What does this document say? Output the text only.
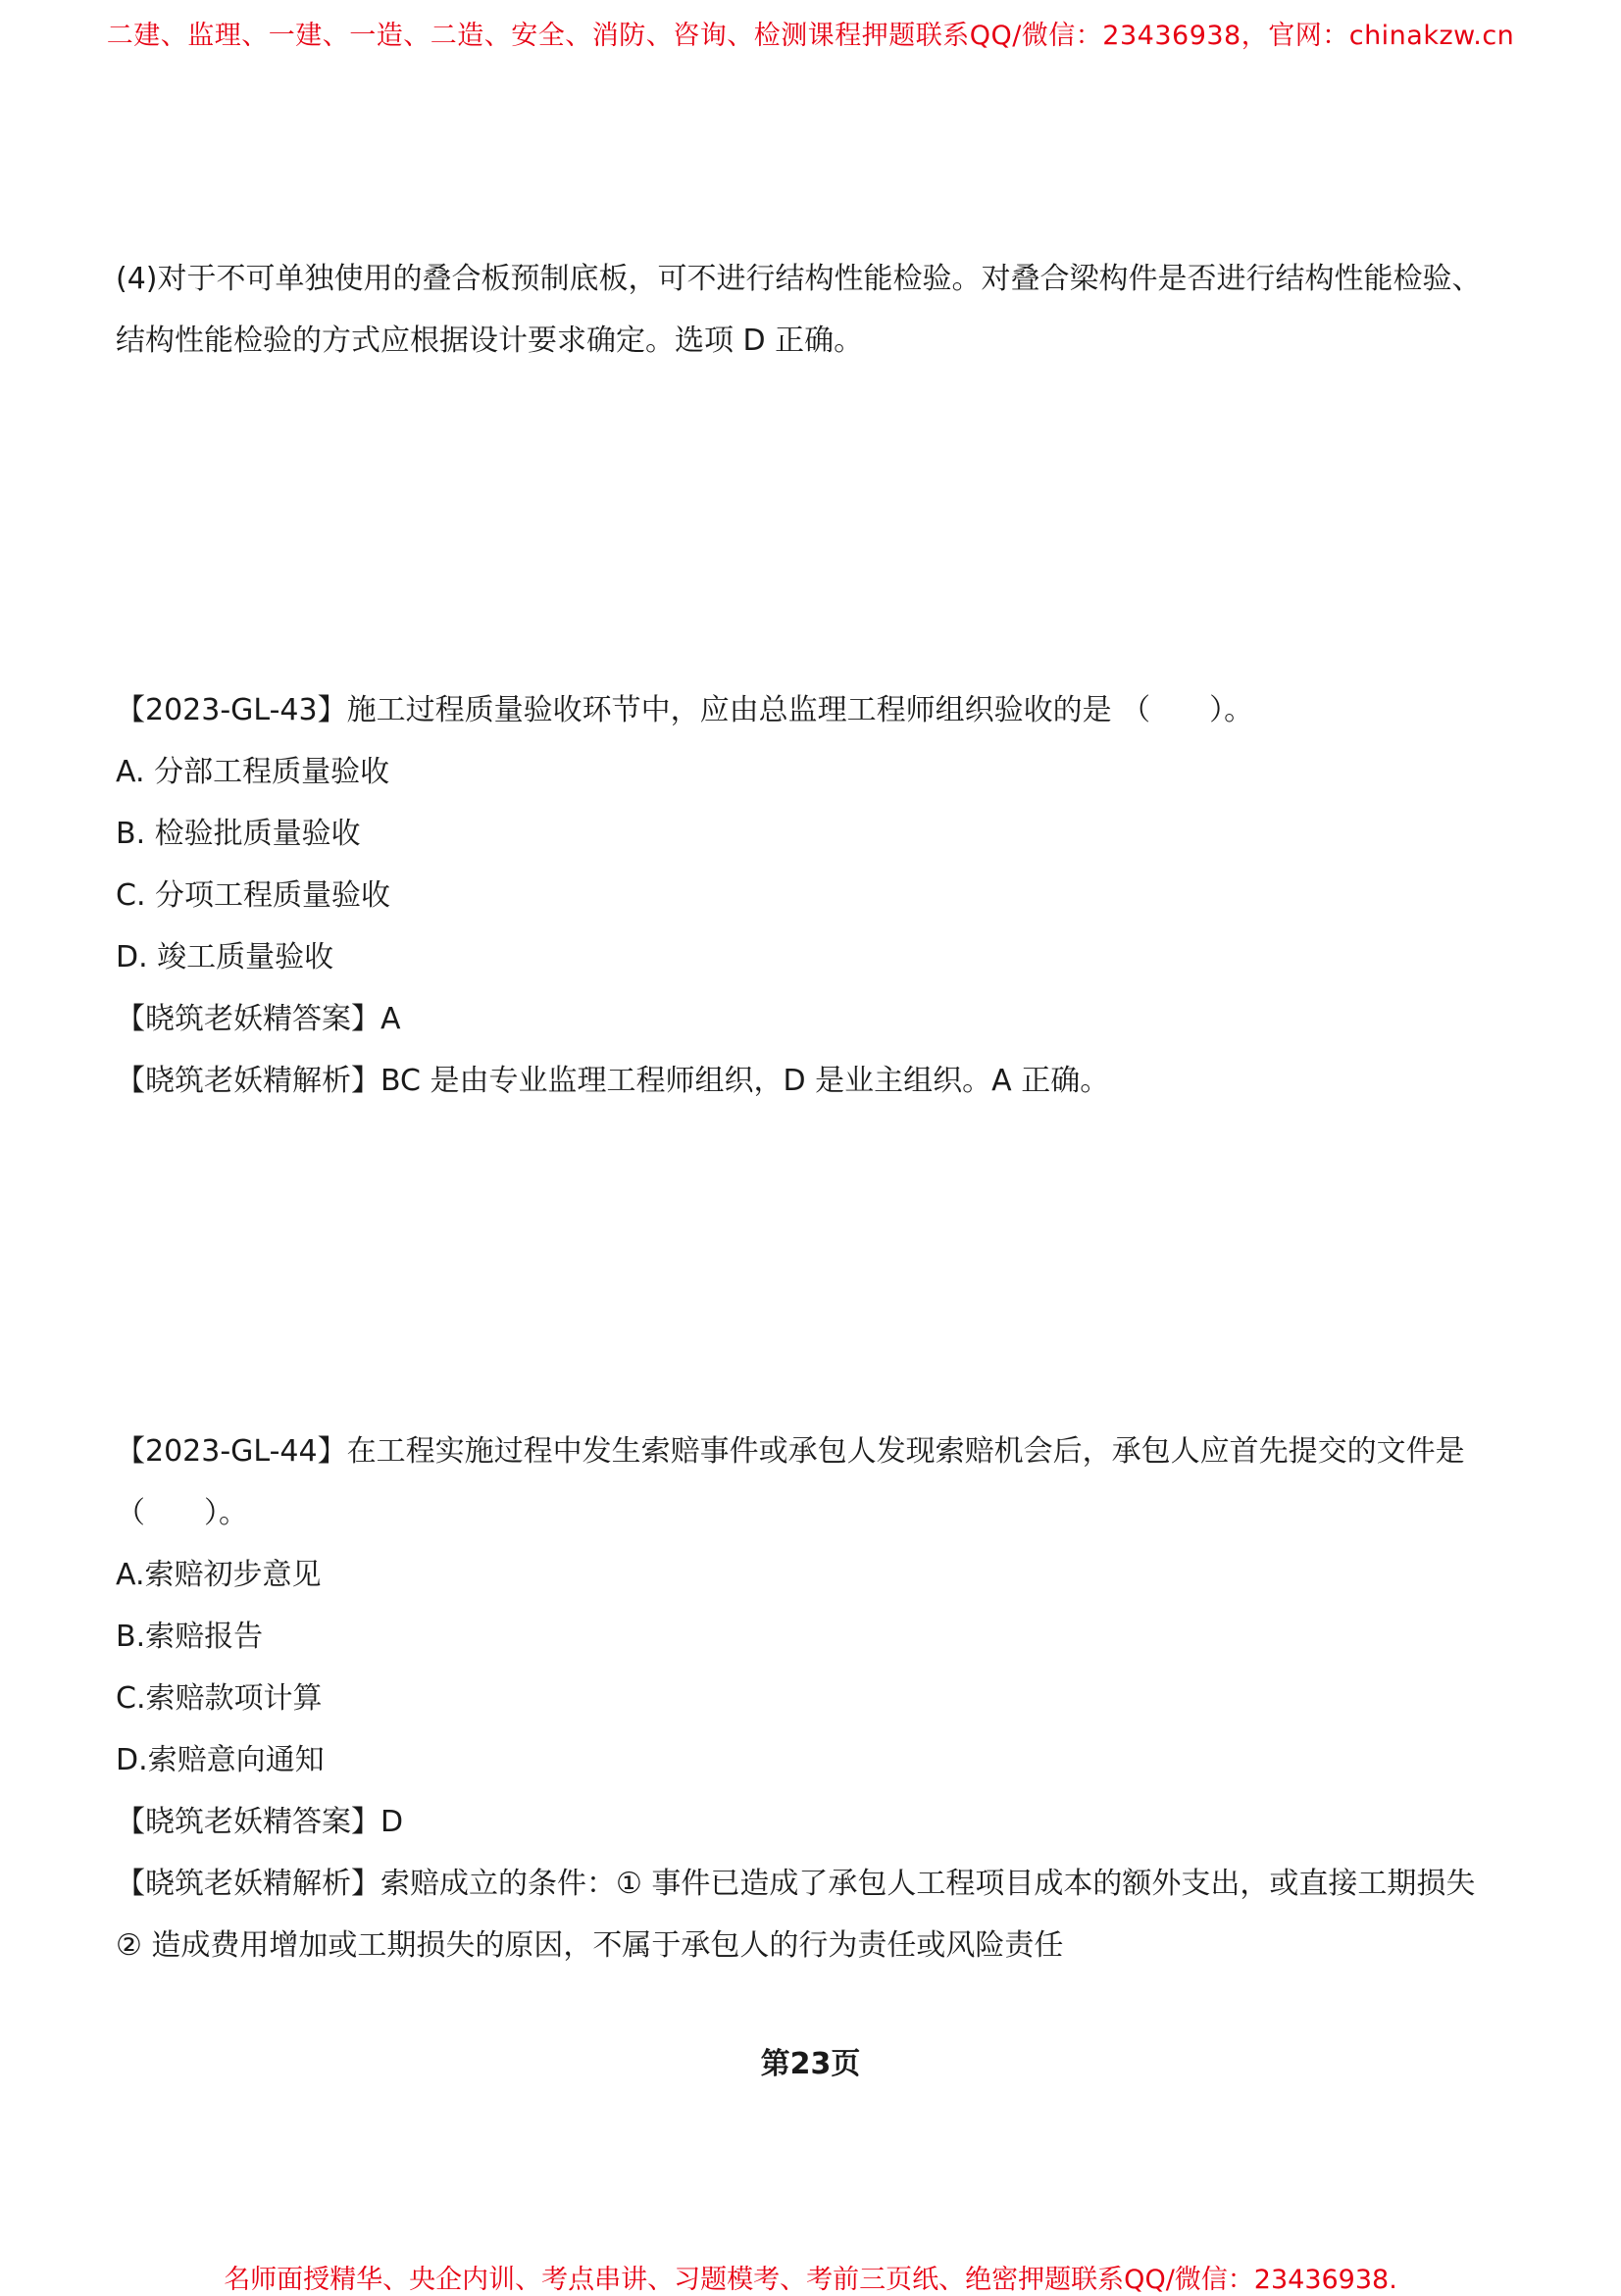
二建、监理、一建、一造、二造、安全、消防、咨询、检测课程押题联系QQ/微信：23436938，官网：chinakzw.cn
(4)对于不可单独使用的叠合板预制底板，可不进行结构性能检验。对叠合梁构件是否进行结构性能检验、结构性能检验的方式应根据设计要求确定。选项 D 正确。
【2023-GL-43】施工过程质量验收环节中，应由总监理工程师组织验收的是 （　　）。
A. 分部工程质量验收
B. 检验批质量验收
C. 分项工程质量验收
D. 竣工质量验收
【晓筑老妖精答案】A
【晓筑老妖精解析】BC 是由专业监理工程师组织，D 是业主组织。A 正确。
【2023-GL-44】在工程实施过程中发生索赔事件或承包人发现索赔机会后，承包人应首先提交的文件是
（　　）。
A.索赔初步意见
B.索赔报告
C.索赔款项计算
D.索赔意向通知
【晓筑老妖精答案】D
【晓筑老妖精解析】索赔成立的条件：① 事件已造成了承包人工程项目成本的额外支出，或直接工期损失
② 造成费用增加或工期损失的原因，不属于承包人的行为责任或风险责任
第23页
名师面授精华、央企内训、考点串讲、习题模考、考前三页纸、绝密押题联系QQ/微信：23436938.
